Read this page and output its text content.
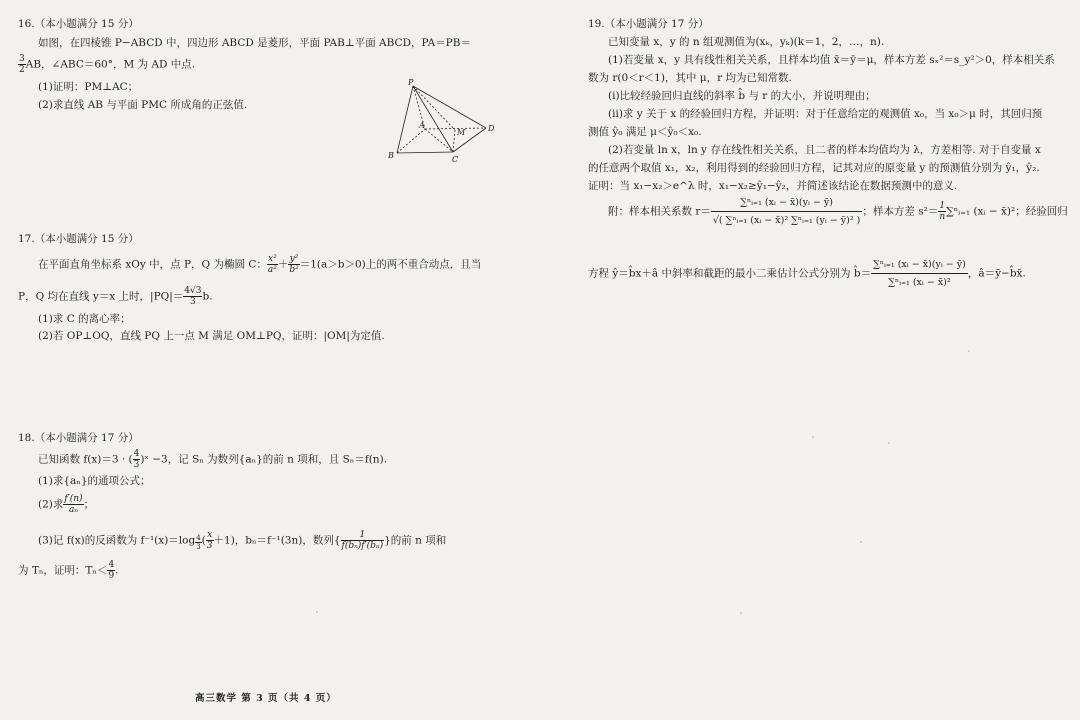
16.（本小题满分 15 分）
如图，在四棱锥 P−ABCD 中，四边形 ABCD 是菱形，平面 PAB⊥平面 ABCD，PA＝PB＝
$\frac{3}{2}$ AB，∠ABC＝60°，M 为 AD 中点.
(1)证明：PM⊥AC；
(2)求直线 AB 与平面 PMC 所成角的正弦值.
P
A
B
M
C
D
17.（本小题满分 15 分）
在平面直角坐标系 xOy 中，点 P，Q 为椭圆 C： $\frac{\text{x²}}{\text{a²}} + \frac{\text{y²}}{\text{b²}} =1(a>b>0)$上的两不重合动点，且当
P，Q 均在直线 y＝x 上时，$|PQ|= \frac{4√3}{3} b$.
(1)求 C 的离心率；
(2)若 OP⊥OQ，直线 PQ 上一点 M 满足 OM⊥PQ，证明：|OM|为定值.
18.（本小题满分 17 分）
已知函数 f(x)＝3 · ( $\frac{4}{3}$ )ˣ −3，记 Sₙ 为数列{aₙ}的前 n 项和，且 Sₙ＝f(n).
(1)求{aₙ}的通项公式；
(2)求 $\frac{f'(n)}{\text{aₙ}}$ ；
(3)记 f(x)的反函数为 $f^{-1}(x)=\log \frac{4}{3}$ ( $\frac{x}{3} +1$)，bₙ＝f⁻¹(3n)，数列{ $\frac{1}{\text{f(bₙ)f′(bₙ)}}$ }的前 n 项和
为 Tₙ，证明：$T_n< \frac{4}{9}$ .
高三数学 第 3 页（共 4 页）
19.（本小题满分 17 分）
已知变量 x，y 的 n 组观测值为(xₖ，yₖ)(k＝1，2，…，n).
(1)若变量 x，y 具有线性相关关系，且样本均值 x̄＝ȳ＝μ，样本方差 sₓ²＝s_y²＞0，样本相关系
数为 r(0＜r＜1)，其中 μ，r 均为已知常数.
(ⅰ)比较经验回归直线的斜率 b̂ 与 r 的大小，并说明理由；
(ⅱ)求 y 关于 x 的经验回归方程，并证明：对于任意给定的观测值 x₀，当 x₀＞μ 时，其回归预
测值 ŷ₀ 满足 μ＜ŷ₀＜x₀.
(2)若变量 ln x，ln y 存在线性相关关系，且二者的样本均值均为 λ，方差相等. 对于自变量 x
的任意两个取值 x₁，x₂，利用得到的经验回归方程，记其对应的原变量 y 的预测值分别为 ŷ₁，ŷ₂.
证明：当 x₁−x₂＞e^λ 时，x₁−x₂≥ŷ₁−ŷ₂，并简述该结论在数据预测中的意义.
附：样本相关系数 $r= \frac{\text{∑ⁿᵢ₌₁ (xᵢ − x̄)(yᵢ − ȳ)}}{\text{√( ∑ⁿᵢ₌₁ (xᵢ − x̄)² ∑ⁿᵢ₌₁ (yᵢ − ȳ)² )}}$ ；样本方差 $s^2= \frac{1}{n}$ ∑ⁿᵢ₌₁ (xᵢ − x̄)²；经验回归
方程 ŷ＝b̂x＋â 中斜率和截距的最小二乘估计公式分别为 b̂＝ $\frac{\text{∑ⁿᵢ₌₁ (xᵢ − x̄)(yᵢ − ȳ)}}{\text{∑ⁿᵢ₌₁ (xᵢ − x̄)²}}$ ，â＝ȳ−b̂x̄.
